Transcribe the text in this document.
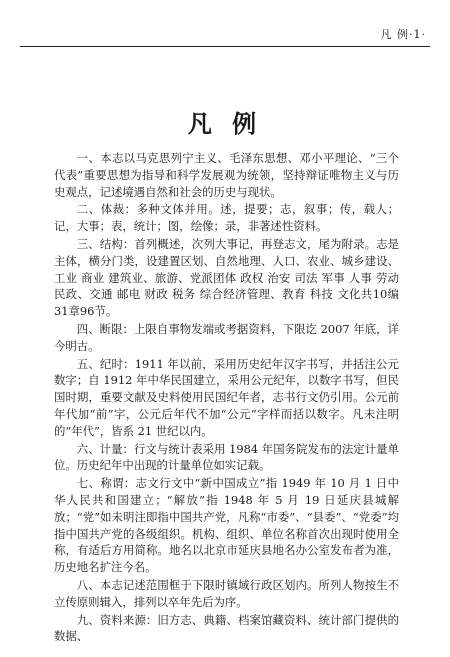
凡 例·1·
凡 例

一、本志以马克思列宁主义、毛泽东思想、邓小平理论、“三个代表”重要思想为指导和科学发展观为统领，坚持辩证唯物主义与历史观点，记述境遇自然和社会的历史与现状。

二、体裁：多种文体并用。述，提要；志，叙事；传，载人；记，大事；表，统计；图，绘像；录，非著述性资料。

三、结构：首列概述，次列大事记，再登志文，尾为附录。志是主体，横分门类，设建置区划、自然地理、人口、农业、城乡建设、工业 商业 建筑业、旅游、党派团体 政权 治安 司法 军事 人事 劳动 民政、交通 邮电 财政 税务 综合经济管理、教育 科技 文化共10编 31章96节。

四、断限：上限自事物发端或考据资料，下限讫 2007 年底，详今明古。

五、纪时：1911 年以前，采用历史纪年汉字书写，并括注公元数字；自 1912 年中华民国建立，采用公元纪年，以数字书写，但民国时期，重要文献及史料使用民国纪年者，志书行文仍引用。公元前年代加“前”字，公元后年代不加“公元”字样而括以数字。凡未注明的“年代”，皆系 21 世纪以内。

六、计量：行文与统计表采用 1984 年国务院发布的法定计量单位。历史纪年中出现的计量单位如实记载。

七、称谓：志文行文中“新中国成立”指 1949 年 10 月 1 日中华人民共和国建立；“解放”指 1948 年 5 月 19 日延庆县城解放；“党”如未明注即指中国共产党，凡称“市委”、“县委”、“党委”均指中国共产党的各级组织。机构、组织、单位名称首次出现时使用全称，有适后方用简称。地名以北京市延庆县地名办公室发布者为准，历史地名扩注今名。

八、本志记述范围框于下限时镇域行政区划内。所列人物按生不立传原则辑入，排列以卒年先后为序。

九、资料来源：旧方志、典籍、档案馆藏资料、统计部门提供的数据、
